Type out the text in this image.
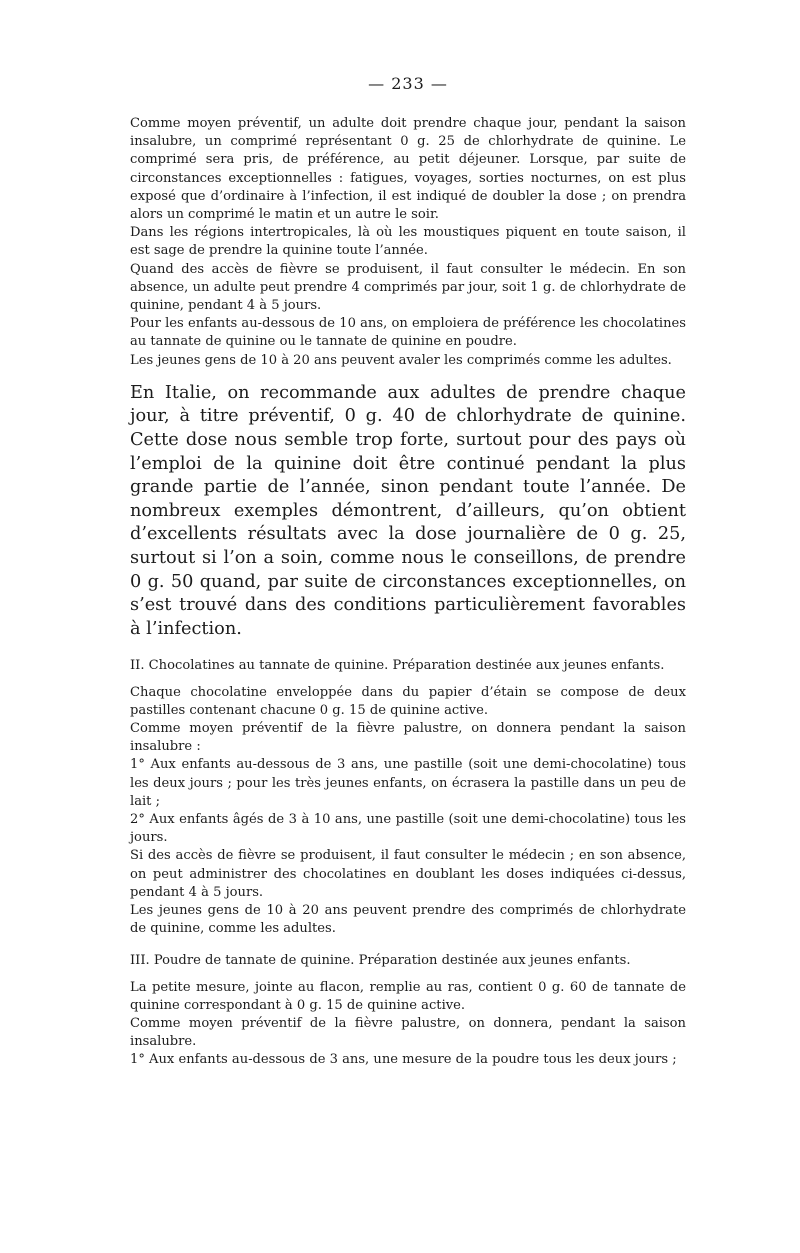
— 233 —

Comme moyen préventif, un adulte doit prendre chaque jour, pendant la saison insalubre, un comprimé représentant 0 g. 25 de chlorhydrate de quinine. Le comprimé sera pris, de préférence, au petit déjeuner. Lorsque, par suite de circonstances exceptionnelles : fatigues, voyages, sorties nocturnes, on est plus exposé que d’ordinaire à l’infection, il est indiqué de doubler la dose ; on prendra alors un comprimé le matin et un autre le soir.

Dans les régions intertropicales, là où les moustiques piquent en toute saison, il est sage de prendre la quinine toute l’année.

Quand des accès de fièvre se produisent, il faut consulter le médecin. En son absence, un adulte peut prendre 4 comprimés par jour, soit 1 g. de chlorhydrate de quinine, pendant 4 à 5 jours.

Pour les enfants au-dessous de 10 ans, on emploiera de préférence les chocolatines au tannate de quinine ou le tannate de quinine en poudre.

Les jeunes gens de 10 à 20 ans peuvent avaler les comprimés comme les adultes.

En Italie, on recommande aux adultes de prendre chaque jour, à titre préventif, 0 g. 40 de chlorhydrate de quinine. Cette dose nous semble trop forte, surtout pour des pays où l’emploi de la quinine doit être continué pendant la plus grande partie de l’année, sinon pendant toute l’année. De nombreux exemples démontrent, d’ailleurs, qu’on obtient d’excellents résultats avec la dose journalière de 0 g. 25, surtout si l’on a soin, comme nous le conseillons, de prendre 0 g. 50 quand, par suite de circonstances exceptionnelles, on s’est trouvé dans des conditions particulièrement favorables à l’infection.

II. Chocolatines au tannate de quinine. Préparation destinée aux jeunes enfants.

Chaque chocolatine enveloppée dans du papier d’étain se compose de deux pastilles contenant chacune 0 g. 15 de quinine active.

Comme moyen préventif de la fièvre palustre, on donnera pendant la saison insalubre :

1° Aux enfants au-dessous de 3 ans, une pastille (soit une demi-chocolatine) tous les deux jours ; pour les très jeunes enfants, on écrasera la pastille dans un peu de lait ;

2° Aux enfants âgés de 3 à 10 ans, une pastille (soit une demi-chocolatine) tous les jours.

Si des accès de fièvre se produisent, il faut consulter le médecin ; en son absence, on peut administrer des chocolatines en doublant les doses indiquées ci-dessus, pendant 4 à 5 jours.

Les jeunes gens de 10 à 20 ans peuvent prendre des comprimés de chlorhydrate de quinine, comme les adultes.

III. Poudre de tannate de quinine. Préparation destinée aux jeunes enfants.

La petite mesure, jointe au flacon, remplie au ras, contient 0 g. 60 de tannate de quinine correspondant à 0 g. 15 de quinine active.

Comme moyen préventif de la fièvre palustre, on donnera, pendant la saison insalubre.

1° Aux enfants au-dessous de 3 ans, une mesure de la poudre tous les deux jours ;
